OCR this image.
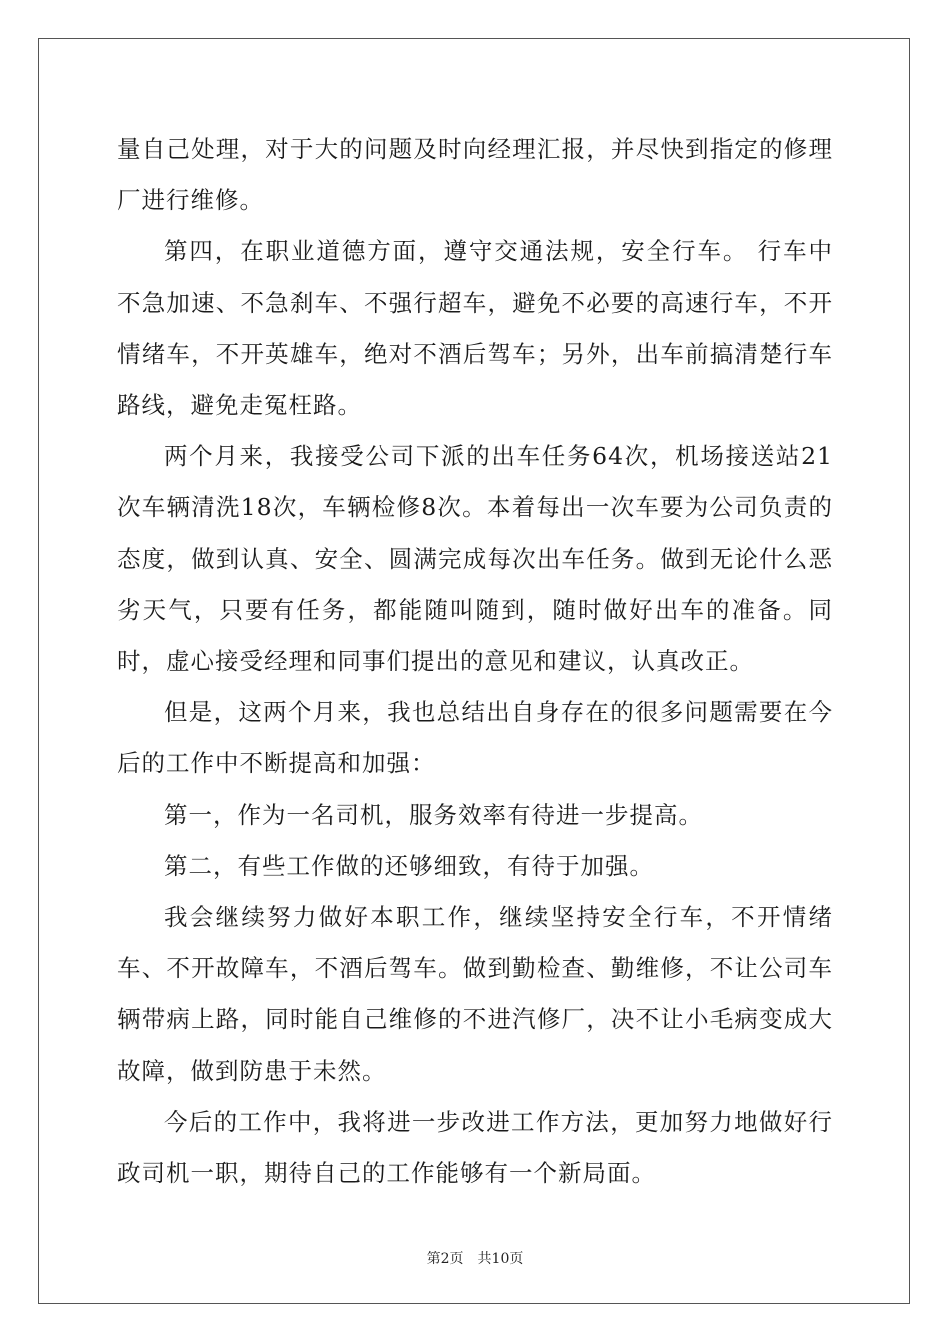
量自己处理，对于大的问题及时向经理汇报，并尽快到指定的修理厂进行维修。

第四，在职业道德方面，遵守交通法规，安全行车。 行车中不急加速、不急刹车、不强行超车，避免不必要的高速行车，不开情绪车，不开英雄车，绝对不酒后驾车；另外，出车前搞清楚行车路线，避免走冤枉路。

两个月来，我接受公司下派的出车任务64次，机场接送站21次车辆清洗18次，车辆检修8次。本着每出一次车要为公司负责的态度，做到认真、安全、圆满完成每次出车任务。做到无论什么恶劣天气，只要有任务，都能随叫随到，随时做好出车的准备。同时，虚心接受经理和同事们提出的意见和建议，认真改正。

但是，这两个月来，我也总结出自身存在的很多问题需要在今后的工作中不断提高和加强：

第一，作为一名司机，服务效率有待进一步提高。

第二，有些工作做的还够细致，有待于加强。

我会继续努力做好本职工作，继续坚持安全行车，不开情绪车、不开故障车，不酒后驾车。做到勤检查、勤维修，不让公司车辆带病上路，同时能自己维修的不进汽修厂，决不让小毛病变成大故障，做到防患于未然。

今后的工作中，我将进一步改进工作方法，更加努力地做好行政司机一职，期待自己的工作能够有一个新局面。

第2页　共10页
